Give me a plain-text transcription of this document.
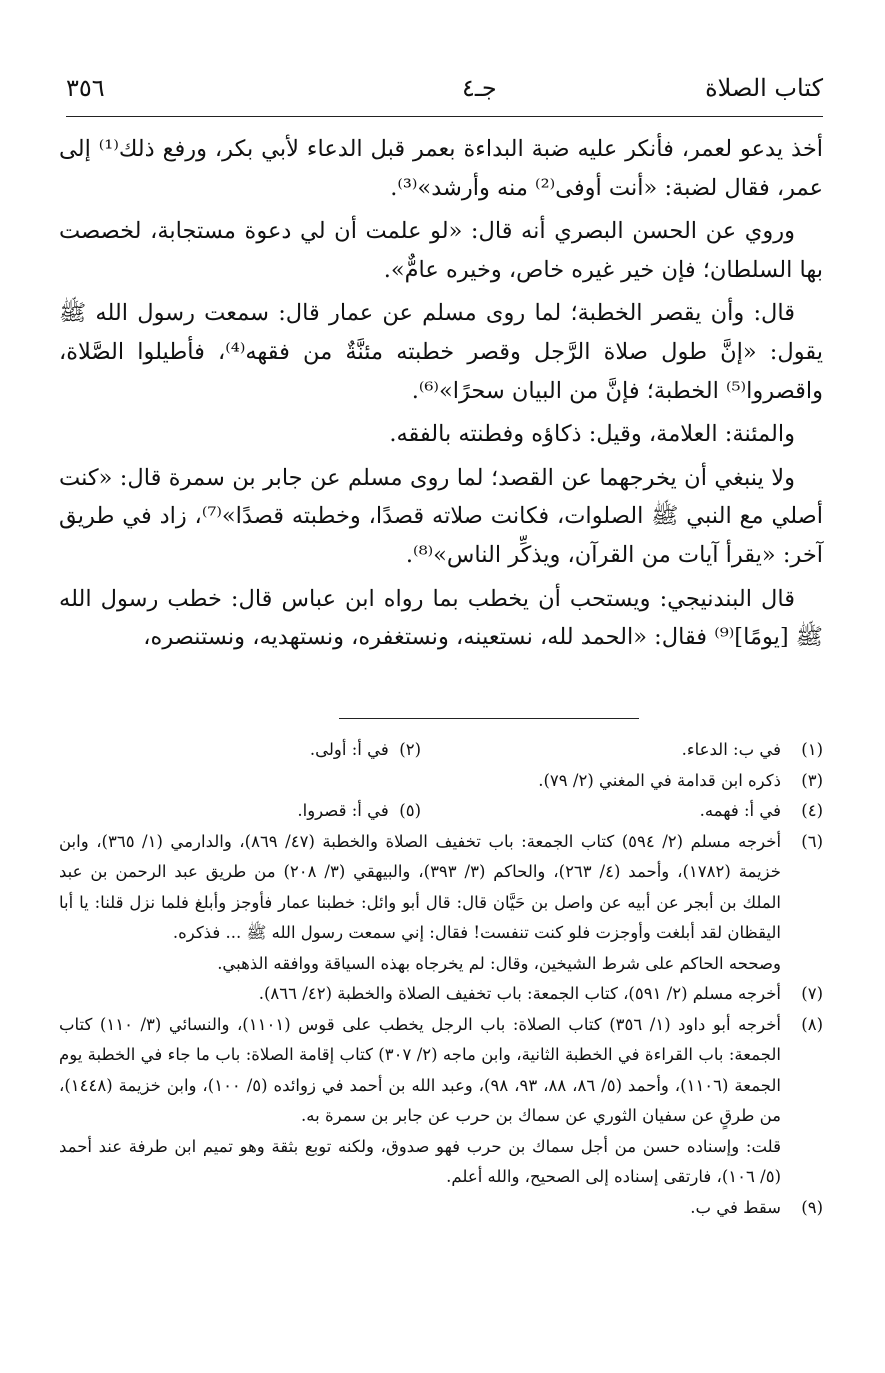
٣٥٦	جـ٤	كتاب الصلاة

أخذ يدعو لعمر، فأنكر عليه ضبة البداءة بعمر قبل الدعاء لأبي بكر، ورفع ذلك⁽¹⁾ إلى عمر، فقال لضبة: «أنت أوفى⁽²⁾ منه وأرشد»⁽³⁾.

وروي عن الحسن البصري أنه قال: «لو علمت أن لي دعوة مستجابة، لخصصت بها السلطان؛ فإن خير غيره خاص، وخيره عامٌّ».

قال: وأن يقصر الخطبة؛ لما روى مسلم عن عمار قال: سمعت رسول الله ﷺ يقول: «إنَّ طول صلاة الرَّجل وقصر خطبته مئنَّةٌ من فقهه⁽⁴⁾، فأطيلوا الصَّلاة، واقصروا⁽⁵⁾ الخطبة؛ فإنَّ من البيان سحرًا»⁽⁶⁾.

والمئنة: العلامة، وقيل: ذكاؤه وفطنته بالفقه.

ولا ينبغي أن يخرجهما عن القصد؛ لما روى مسلم عن جابر بن سمرة قال: «كنت أصلي مع النبي ﷺ الصلوات، فكانت صلاته قصدًا، وخطبته قصدًا»⁽⁷⁾، زاد في طريق آخر: «يقرأ آيات من القرآن، ويذكِّر الناس»⁽⁸⁾.

قال البندنيجي: ويستحب أن يخطب بما رواه ابن عباس قال: خطب رسول الله ﷺ [يومًا]⁽⁹⁾ فقال: «الحمد لله، نستعينه، ونستغفره، ونستهديه، ونستنصره،

(١)
في ب: الدعاء.
(٢)  في أ: أولى.
(٣)
ذكره ابن قدامة في المغني (٢/ ٧٩).
(٤)
في أ: فهمه.
(٥)  في أ: قصروا.
(٦)
أخرجه مسلم (٢/ ٥٩٤) كتاب الجمعة: باب تخفيف الصلاة والخطبة (٤٧/ ٨٦٩)، والدارمي (١/ ٣٦٥)، وابن خزيمة (١٧٨٢)، وأحمد (٤/ ٢٦٣)، والحاكم (٣/ ٣٩٣)، والبيهقي (٣/ ٢٠٨) من طريق عبد الرحمن بن عبد الملك بن أبجر عن أبيه عن واصل بن حَيَّان قال: قال أبو وائل: خطبنا عمار فأوجز وأبلغ فلما نزل قلنا: يا أبا اليقظان لقد أبلغت وأوجزت فلو كنت تنفست! فقال: إني سمعت رسول الله ﷺ ... فذكره.
وصححه الحاكم على شرط الشيخين، وقال: لم يخرجاه بهذه السياقة ووافقه الذهبي.
(٧)
أخرجه مسلم (٢/ ٥٩١)، كتاب الجمعة: باب تخفيف الصلاة والخطبة (٤٢/ ٨٦٦).
(٨)
أخرجه أبو داود (١/ ٣٥٦) كتاب الصلاة: باب الرجل يخطب على قوس (١١٠١)، والنسائي (٣/ ١١٠) كتاب الجمعة: باب القراءة في الخطبة الثانية، وابن ماجه (٢/ ٣٠٧) كتاب إقامة الصلاة: باب ما جاء في الخطبة يوم الجمعة (١١٠٦)، وأحمد (٥/ ٨٦، ٨٨، ٩٣، ٩٨)، وعبد الله بن أحمد في زوائده (٥/ ١٠٠)، وابن خزيمة (١٤٤٨)، من طرقٍ عن سفيان الثوري عن سماك بن حرب عن جابر بن سمرة به.
قلت: وإسناده حسن من أجل سماك بن حرب فهو صدوق، ولكنه توبع بثقة وهو تميم ابن طرفة عند أحمد (٥/ ١٠٦)، فارتقى إسناده إلى الصحيح، والله أعلم.
(٩)
سقط في ب.
